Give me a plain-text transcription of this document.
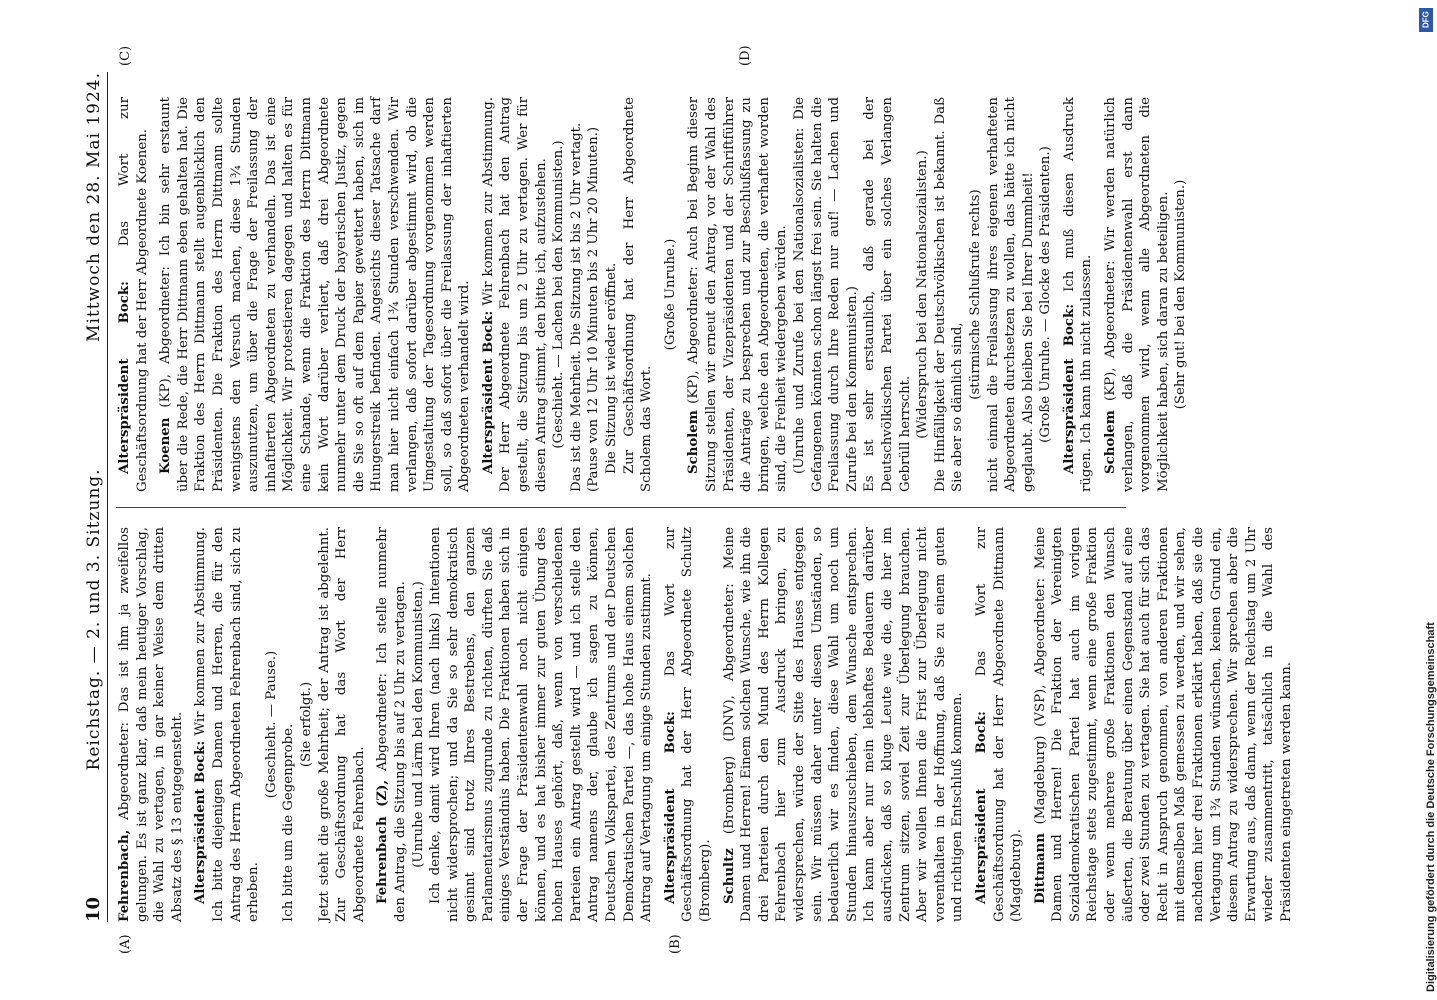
10
Reichstag. — 2. und 3. Sitzung.
Mittwoch den 28. Mai 1924.
(A)	(B)
(C)	(D)

Fehrenbach, Abgeordneter: Das ist ihm ja zweifellos gelungen. Es ist ganz klar, daß mein heutiger Vorschlag, die Wahl zu vertagen, in gar keiner Weise dem dritten Absatz des § 13 entgegensteht. Alterspräsident Bock: Wir kommen zur Abstimmung. Ich bitte diejenigen Damen und Herren, die für den Antrag des Herrn Abgeordneten Fehrenbach sind, sich zu erheben.

(Geschieht. — Pause.) Ich bitte um die Gegenprobe. (Sie erfolgt.) Jetzt steht die große Mehrheit; der Antrag ist abgelehnt. Zur Geschäftsordnung hat das Wort der Herr Abgeordnete Fehrenbach. Fehrenbach (Z), Abgeordneter: Ich stelle nunmehr den Antrag, die Sitzung bis auf 2 Uhr zu vertagen. (Unruhe und Lärm bei den Kommunisten.) Ich denke, damit wird Ihren (nach links) Intentionen nicht widersprochen; und da Sie so sehr demokratisch gesinnt sind trotz Ihres Bestrebens, den ganzen Parlamentarismus zugrunde zu richten, dürften Sie daß einiges Verständnis haben. Die Fraktionen haben sich in der Frage der Präsidentenwahl noch nicht einigen können, und es hat bisher immer zur guten Übung des hohen Hauses gehört, daß, wenn von verschiedenen Parteien ein Antrag gestellt wird — und ich stelle den Antrag namens der, glaube ich sagen zu können, Deutschen Volkspartei, des Zentrums und der Deutschen Demokratischen Partei —, das hohe Haus einem solchen Antrag auf Vertagung um einige Stunden zustimmt. Alterspräsident Bock: Das Wort zur Geschäftsordnung hat der Herr Abgeordnete Schultz (Bromberg). Schultz (Bromberg) (DNV), Abgeordneter: Meine Damen und Herren! Einem solchen Wunsche, wie ihn die drei Parteien durch den Mund des Herrn Kollegen Fehrenbach hier zum Ausdruck bringen, zu widersprechen, würde der Sitte des Hauses entgegen sein. Wir müssen daher unter diesen Umständen, so bedauerlich wir es finden, diese Wahl um noch um Stunden hinauszuschieben, dem Wunsche entsprechen. Ich kann aber nur mein lebhaftes Bedauern darüber ausdrücken, daß so kluge Leute wie die, die hier im Zentrum sitzen, soviel Zeit zur Überlegung brauchen. Aber wir wollen Ihnen die Frist zur Überlegung nicht vorenthalten in der Hoffnung, daß Sie zu einem guten und richtigen Entschluß kommen. Alterspräsident Bock: Das Wort zur Geschäftsordnung hat der Herr Abgeordnete Dittmann (Magdeburg). Dittmann (Magdeburg) (VSP), Abgeordneter: Meine Damen und Herren! Die Fraktion der Vereinigten Sozialdemokratischen Partei hat auch im vorigen Reichstage stets zugestimmt, wenn eine große Fraktion oder wenn mehrere große Fraktionen den Wunsch äußerten, die Beratung über einen Gegenstand auf eine oder zwei Stunden zu vertagen. Sie hat auch für sich das Recht in Anspruch genommen, von anderen Fraktionen mit demselben Maß gemessen zu werden, und wir sehen, nachdem hier drei Fraktionen erklärt haben, daß sie die Vertagung um 1¾ Stunden wünschen, keinen Grund ein, diesem Antrag zu widersprechen. Wir sprechen aber die Erwartung aus, daß dann, wenn der Reichstag um 2 Uhr wieder zusammentritt, tatsächlich in die Wahl des Präsidenten eingetreten werden kann.

Alterspräsident Bock: Das Wort zur Geschäftsordnung hat der Herr Abgeordnete Koenen. Koenen (KP), Abgeordneter: Ich bin sehr erstaunt über die Rede, die Herr Dittmann eben gehalten hat. Die Fraktion des Herrn Dittmann stellt augenblicklich den Präsidenten. Die Fraktion des Herrn Dittmann sollte wenigstens den Versuch machen, diese 1¾ Stunden auszunutzen, um über die Frage der Freilassung der inhaftierten Abgeordneten zu verhandeln. Das ist eine Möglichkeit. Wir protestieren dagegen und halten es für eine Schande, wenn die Fraktion des Herrn Dittmann kein Wort darüber verliert, daß drei Abgeordnete nunmehr unter dem Druck der bayerischen Justiz, gegen die Sie so oft auf dem Papier gewettert haben, sich im Hungerstreik befinden. Angesichts dieser Tatsache darf man hier nicht einfach 1¾ Stunden verschwenden. Wir verlangen, daß sofort darüber abgestimmt wird, ob die Umgestaltung der Tagesordnung vorgenommen werden soll, so daß sofort über die Freilassung der inhaftierten Abgeordneten verhandelt wird. Alterspräsident Bock: Wir kommen zur Abstimmung. Der Herr Abgeordnete Fehrenbach hat den Antrag gestellt, die Sitzung bis um 2 Uhr zu vertagen. Wer für diesen Antrag stimmt, den bitte ich, aufzustehen. (Geschieht. — Lachen bei den Kommunisten.) Das ist die Mehrheit. Die Sitzung ist bis 2 Uhr vertagt. (Pause von 12 Uhr 10 Minuten bis 2 Uhr 20 Minuten.) Die Sitzung ist wieder eröffnet. Zur Geschäftsordnung hat der Herr Abgeordnete Scholem das Wort.

(Große Unruhe.)

Scholem (KP), Abgeordneter: Auch bei Beginn dieser Sitzung stellen wir erneut den Antrag, vor der Wahl des Präsidenten, der Vizepräsidenten und der Schriftführer die Anträge zu besprechen und zur Beschlußfassung zu bringen, welche den Abgeordneten, die verhaftet worden sind, die Freiheit wiedergeben würden. (Unruhe und Zurufe bei den Nationalsozialisten: Die Gefangenen könnten schon längst frei sein. Sie halten die Freilassung durch Ihre Reden nur auf! — Lachen und Zurufe bei den Kommunisten.) Es ist sehr erstaunlich, daß gerade bei der Deutschvölkischen Partei über ein solches Verlangen Gebrüll herrscht. (Widerspruch bei den Nationalsozialisten.) Die Hinfälligkeit der Deutschvölkischen ist bekannt. Daß Sie aber so dämlich sind,

(stürmische Schlußrufe rechts) nicht einmal die Freilassung ihres eigenen verhafteten Abgeordneten durchsetzen zu wollen, das hätte ich nicht geglaubt. Also bleiben Sie bei Ihrer Dummheit! (Große Unruhe. — Glocke des Präsidenten.) Alterspräsident Bock: Ich muß diesen Ausdruck rügen. Ich kann ihn nicht zulassen. Scholem (KP), Abgeordneter: Wir werden natürlich verlangen, daß die Präsidentenwahl erst dann vorgenommen wird, wenn alle Abgeordneten die Möglichkeit haben, sich daran zu beteiligen. (Sehr gut! bei den Kommunisten.)

Digitalisierung gefördert durch die Deutsche Forschungsgemeinschaft
DFG
